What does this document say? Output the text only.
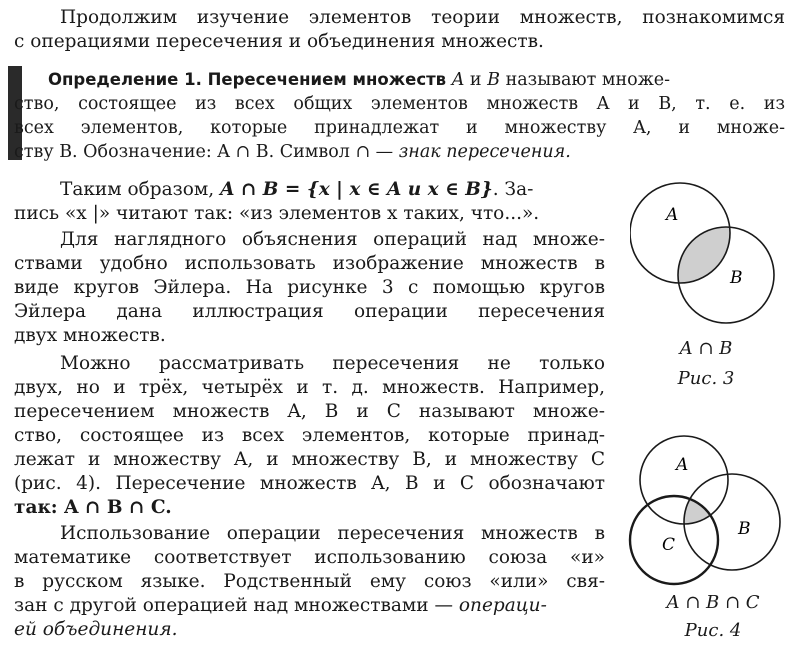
Продолжим изучение элементов теории множеств, познакомимся

с операциями пересечения и объединения множеств.

Определение 1. Пересечением множеств A и B называют множе-

ство, состоящее из всех общих элементов множеств A и B, т. е. из

всех элементов, которые принадлежат и множеству A, и множе-

ству B. Обозначение: A ∩ B. Символ ∩ — знак пересечения.

Таким образом, A ∩ B = {x | x ∈ A и x ∈ B}. За-

пись «x |» читают так: «из элементов x таких, что...».

Для наглядного объяснения операций над множе-

ствами удобно использовать изображение множеств в

виде кругов Эйлера. На рисунке 3 с помощью кругов

Эйлера дана иллюстрация операции пересечения

двух множеств.

Можно рассматривать пересечения не только

двух, но и трёх, четырёх и т. д. множеств. Например,

пересечением множеств A, B и C называют множе-

ство, состоящее из всех элементов, которые принад-

лежат и множеству A, и множеству B, и множеству C

(рис. 4). Пересечение множеств A, B и C обозначают

так: A ∩ B ∩ C.

Использование операции пересечения множеств в

математике соответствует использованию союза «и»

в русском языке. Родственный ему союз «или» свя-

зан с другой операцией над множествами — операци-

ей объединения.

A
B
A ∩ B
Рис. 3
A
B
C
A ∩ B ∩ C
Рис. 4
